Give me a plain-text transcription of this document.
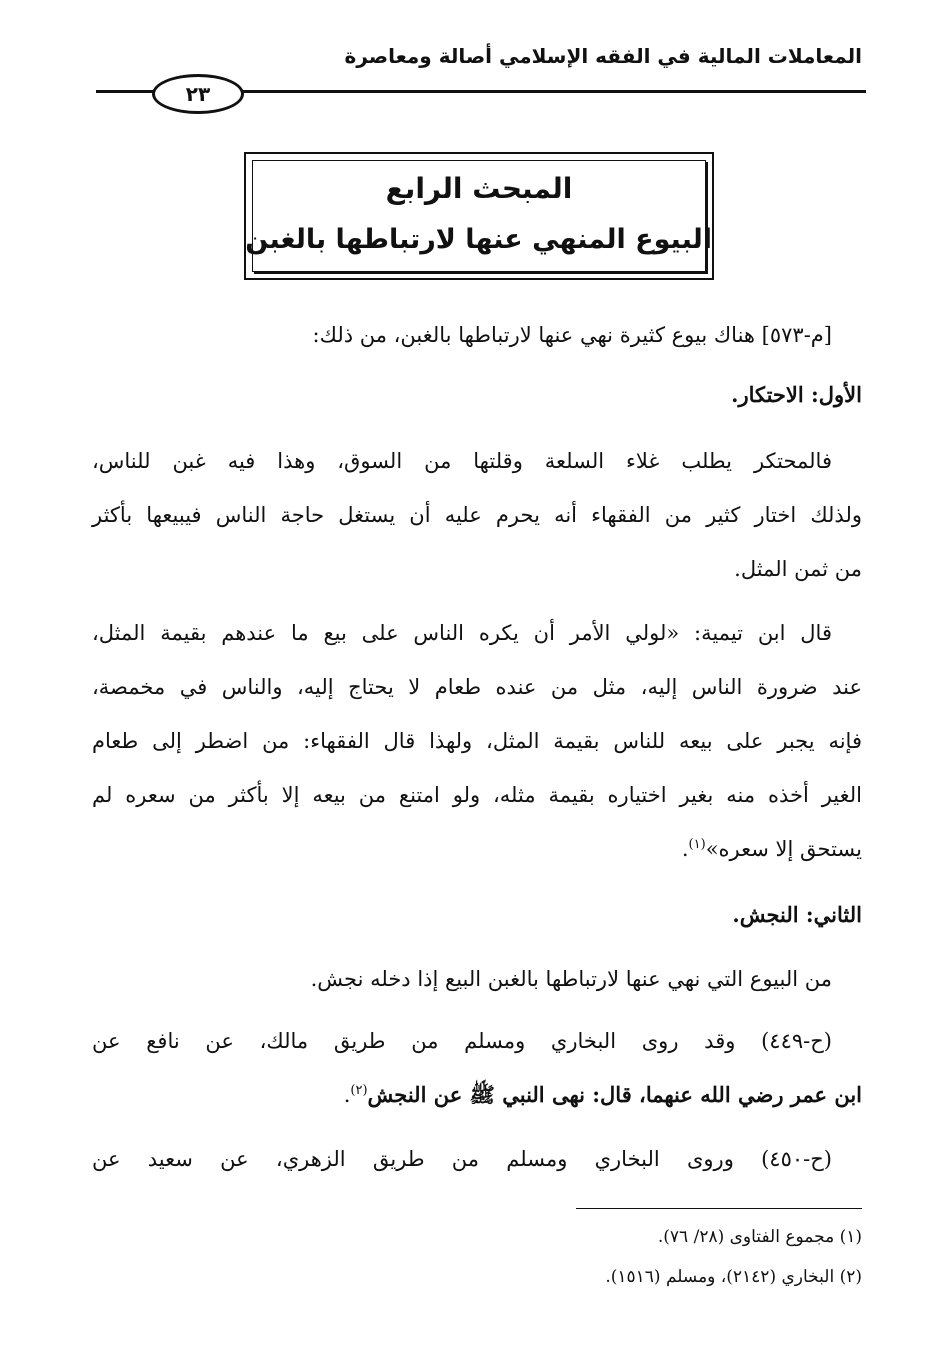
المعاملات المالية في الفقه الإسلامي أصالة ومعاصرة
٢٣
المبحث الرابع
البيوع المنهي عنها لارتباطها بالغبن
[م-٥٧٣] هناك بيوع كثيرة نهي عنها لارتباطها بالغبن، من ذلك:
الأول: الاحتكار.
فالمحتكر يطلب غلاء السلعة وقلتها من السوق، وهذا فيه غبن للناس،
ولذلك اختار كثير من الفقهاء أنه يحرم عليه أن يستغل حاجة الناس فيبيعها بأكثر
من ثمن المثل.
قال ابن تيمية: «لولي الأمر أن يكره الناس على بيع ما عندهم بقيمة المثل،
عند ضرورة الناس إليه، مثل من عنده طعام لا يحتاج إليه، والناس في مخمصة،
فإنه يجبر على بيعه للناس بقيمة المثل، ولهذا قال الفقهاء: من اضطر إلى طعام
الغير أخذه منه بغير اختياره بقيمة مثله، ولو امتنع من بيعه إلا بأكثر من سعره لم
يستحق إلا سعره»$^{(١)}$.
الثاني: النجش.
من البيوع التي نهي عنها لارتباطها بالغبن البيع إذا دخله نجش.
(ح-٤٤٩) وقد روى البخاري ومسلم من طريق مالك، عن نافع عن
ابن عمر رضي الله عنهما، قال: نهى النبي ﷺ عن النجش$^{(٢)}$.
(ح-٤٥٠) وروى البخاري ومسلم من طريق الزهري، عن سعيد عن
(١) مجموع الفتاوى (٢٨/ ٧٦).
(٢) البخاري (٢١٤٢)، ومسلم (١٥١٦).
